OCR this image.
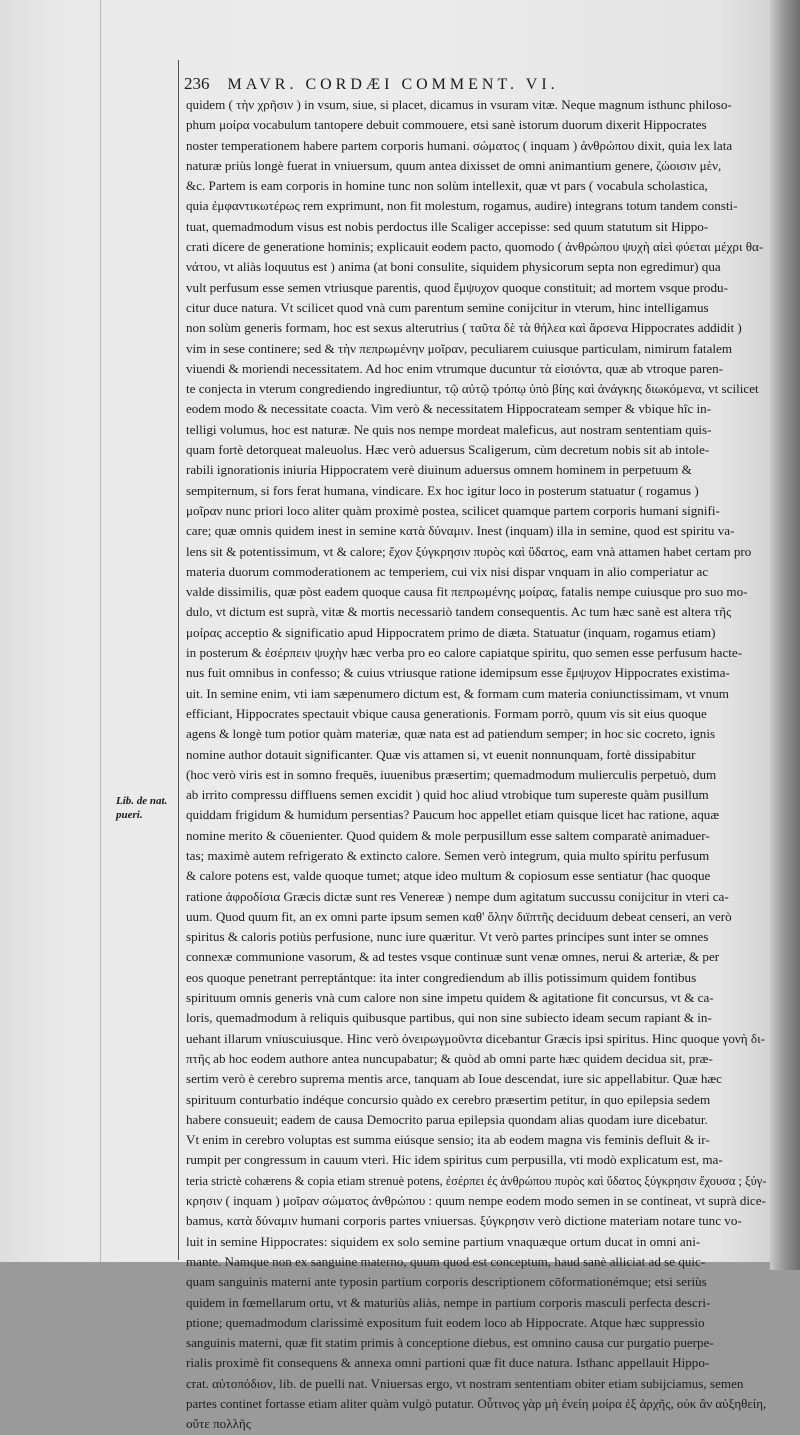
236 MAVR. CORDÆI COMMENT. VI.
Lib. de nat.
pueri.
quidem ( τὴν χρῆσιν ) in vsum, siue, si placet, dicamus in vsuram vitæ. Neque magnum isthunc philoso-
phum μοίρα vocabulum tantopere debuit commouere, etsi sanè istorum duorum dixerit Hippocrates
noster temperationem habere partem corporis humani. σώματος ( inquam ) ἀνθρώπου dixit, quia lex lata
naturæ priùs longè fuerat in vniuersum, quum antea dixisset de omni animantium genere, ζώοισιν μὲν,
&c. Partem is eam corporis in homine tunc non solùm intellexit, quæ vt pars ( vocabula scholastica,
quia ἐμφαντικωτέρως rem exprimunt, non fit molestum, rogamus, audire) integrans totum tandem consti-
tuat, quemadmodum visus est nobis perdoctus ille Scaliger accepisse: sed quum statutum sit Hippo-
crati dicere de generatione hominis; explicauit eodem pacto, quomodo ( ἀνθρώπου ψυχὴ αἰεὶ φύεται μέχρι θα-
νάτου, vt aliàs loquutus est ) anima (at boni consulite, siquidem physicorum septa non egredimur) qua
vult perfusum esse semen vtriusque parentis, quod ἔμψυχον quoque constituit; ad mortem vsque produ-
citur duce natura. Vt scilicet quod vnà cum parentum semine conijcitur in vterum, hinc intelligamus
non solùm generis formam, hoc est sexus alterutrius ( ταῦτα δὲ τὰ θήλεα καὶ ἄρσενα Hippocrates addidit )
vim in sese continere; sed & τὴν πεπρωμένην μοῖραν, peculiarem cuiusque particulam, nimirum fatalem
viuendi & moriendi necessitatem. Ad hoc enim vtrumque ducuntur τὰ εἰσιόντα, quæ ab vtroque paren-
te conjecta in vterum congrediendo ingrediuntur, τῷ αὐτῷ τρόπῳ ὑπὸ βίης καὶ ἀνάγκης διωκόμενα, vt scilicet
eodem modo & necessitate coacta. Vim verò & necessitatem Hippocrateam semper & vbique hîc in-
telligi volumus, hoc est naturæ. Ne quis nos nempe mordeat maleficus, aut nostram sententiam quis-
quam fortè detorqueat maleuolus. Hæc verò aduersus Scaligerum, cùm decretum nobis sit ab intole-
rabili ignorationis iniuria Hippocratem verè diuinum aduersus omnem hominem in perpetuum &
sempiternum, si fors ferat humana, vindicare. Ex hoc igitur loco in posterum statuatur ( rogamus )
μοῖραν nunc priori loco aliter quàm proximè postea, scilicet quamque partem corporis humani signifi-
care; quæ omnis quidem inest in semine κατὰ δύναμιν. Inest (inquam) illa in semine, quod est spiritu va-
lens sit & potentissimum, vt & calore; ἔχον ξύγκρησιν πυρὸς καὶ ὕδατος, eam vnà attamen habet certam pro
materia duorum commoderationem ac temperiem, cui vix nisi dispar vnquam in alio comperiatur ac
valde dissimilis, quæ pòst eadem quoque causa fit πεπρωμένης μοίρας, fatalis nempe cuiusque pro suo mo-
dulo, vt dictum est suprà, vitæ & mortis necessariò tandem consequentis. Ac tum hæc sanè est altera τῆς
μοίρας acceptio & significatio apud Hippocratem primo de diæta. Statuatur (inquam, rogamus etiam)
in posterum & ἐσέρπειν ψυχὴν hæc verba pro eo calore capiatque spiritu, quo semen esse perfusum hacte-
nus fuit omnibus in confesso; & cuius vtriusque ratione idemipsum esse ἔμψυχον Hippocrates existima-
uit. In semine enim, vti iam sæpenumero dictum est, & formam cum materia coniunctissimam, vt vnum
efficiant, Hippocrates spectauit vbique causa generationis. Formam porrò, quum vis sit eius quoque
agens & longè tum potior quàm materiæ, quæ nata est ad patiendum semper; in hoc sic cocreto, ignis
nomine author dotauit significanter. Quæ vis attamen si, vt euenit nonnunquam, fortè dissipabitur
(hoc verò viris est in somno frequēs, iuuenibus præsertim; quemadmodum mulierculis perpetuò, dum
ab irrito compressu diffluens semen excidit ) quid hoc aliud vtrobique tum supereste quàm pusillum
quiddam frigidum & humidum persentias? Paucum hoc appellet etiam quisque licet hac ratione, aquæ
nomine merito & cōuenienter. Quod quidem & mole perpusillum esse saltem comparatè animaduer-
tas; maximè autem refrigerato & extincto calore. Semen verò integrum, quia multo spiritu perfusum
& calore potens est, valde quoque tumet; atque ideo multum & copiosum esse sentiatur (hac quoque
ratione ἀφροδίσια Græcis dictæ sunt res Venereæ ) nempe dum agitatum succussu conijcitur in vteri ca-
uum. Quod quum fit, an ex omni parte ipsum semen καθ' ὅλην διϊπτῆς deciduum debeat censeri, an verò
spiritus & caloris potiùs perfusione, nunc iure quæritur. Vt verò partes principes sunt inter se omnes
connexæ communione vasorum, & ad testes vsque continuæ sunt venæ omnes, nerui & arteriæ, & per
eos quoque penetrant perreptántque: ita inter congrediendum ab illis potissimum quidem fontibus
spirituum omnis generis vnà cum calore non sine impetu quidem & agitatione fit concursus, vt & ca-
loris, quemadmodum à reliquis quibusque partibus, qui non sine subiecto ideam secum rapiant & in-
uehant illarum vniuscuiusque. Hinc verò ὀνειρωγμοῦντα dicebantur Græcis ipsi spiritus. Hinc quoque γονὴ δι-
πτῆς ab hoc eodem authore antea nuncupabatur; & quòd ab omni parte hæc quidem decidua sit, præ-
sertim verò è cerebro suprema mentis arce, tanquam ab Ioue descendat, iure sic appellabitur. Quæ hæc
spirituum conturbatio indéque concursio quàdo ex cerebro præsertim petitur, in quo epilepsia sedem
habere consueuit; eadem de causa Democrito parua epilepsia quondam alias quodam iure dicebatur.
Vt enim in cerebro voluptas est summa eiúsque sensio; ita ab eodem magna vis feminis defluit & ir-
rumpit per congressum in cauum vteri. Hic idem spiritus cum perpusilla, vti modò explicatum est, ma-
teria strictè cohærens & copia etiam strenuè potens, ἐσέρπει ἐς ἀνθρώπου πυρὸς καὶ ὕδατος ξύγκρησιν ἔχουσα ; ξύγ-
κρησιν ( inquam ) μοῖραν σώματος ἀνθρώπου : quum nempe eodem modo semen in se contineat, vt suprà dice-
bamus, κατὰ δύναμιν humani corporis partes vniuersas. ξύγκρησιν verò dictione materiam notare tunc vo-
luit in semine Hippocrates: siquidem ex solo semine partium vnaquæque ortum ducat in omni ani-
mante. Namque non ex sanguine materno, quum quod est conceptum, haud sanè alliciat ad se quic-
quam sanguinis materni ante typosin partium corporis descriptionem cōformationémque; etsi seriùs
quidem in fœmellarum ortu, vt & maturiùs aliàs, nempe in partium corporis masculi perfecta descri-
ptione; quemadmodum clarissimè expositum fuit eodem loco ab Hippocrate. Atque hæc suppressio
sanguinis materni, quæ fit statim primis à conceptione diebus, est omnino causa cur purgatio puerpe-
rialis proximè fit consequens & annexa omni partioni quæ fit duce natura. Isthanc appellauit Hippo-
crat. αὐτοπόδιον, lib. de puelli nat. Vniuersas ergo, vt nostram sententiam obiter etiam subijciamus, semen
partes continet fortasse etiam aliter quàm vulgò putatur. Οὗτινος γὰρ μὴ ἐνείη μοίρα ἐξ ἀρχῆς, οὐκ ἂν αὐξηθείη,
οὔτε πολλῆς
